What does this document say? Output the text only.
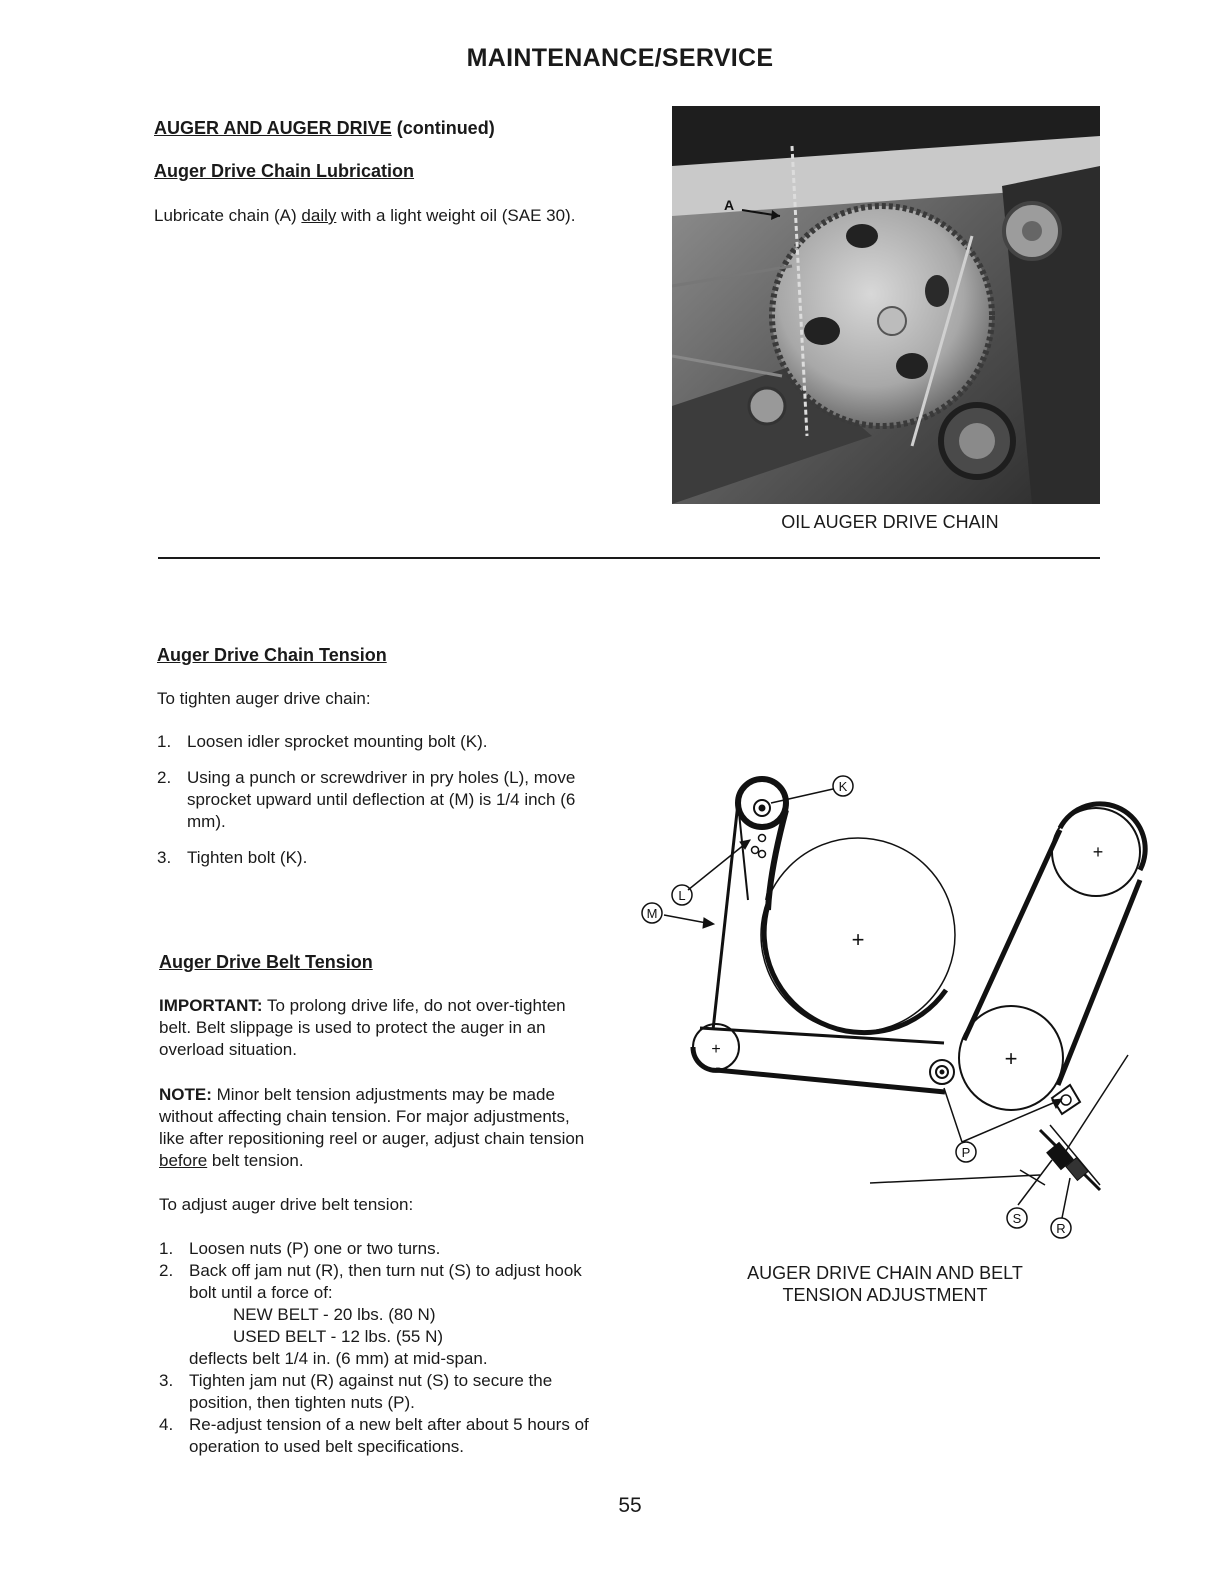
MAINTENANCE/SERVICE
AUGER AND AUGER DRIVE (continued)
Auger Drive Chain Lubrication
Lubricate chain (A) daily with a light weight oil (SAE 30).
A
OIL AUGER DRIVE CHAIN
Auger Drive Chain Tension
To tighten auger drive chain:
1. Loosen idler sprocket mounting bolt (K).
2. Using a punch or screwdriver in pry holes (L), move sprocket upward until deflection at (M) is 1/4 inch (6 mm).
3. Tighten bolt (K).
Auger Drive Belt Tension
IMPORTANT: To prolong drive life, do not over-tighten belt. Belt slippage is used to protect the auger in an overload situation.
NOTE: Minor belt tension adjustments may be made without affecting chain tension. For major adjustments, like after repositioning reel or auger, adjust chain tension before belt tension.
To adjust auger drive belt tension:
1. Loosen nuts (P) one or two turns.
2. Back off jam nut (R), then turn nut (S) to adjust hook bolt until a force of:
NEW BELT - 20 lbs. (80 N)
USED BELT - 12 lbs. (55 N)
deflects belt 1/4 in. (6 mm) at mid-span.
3. Tighten jam nut (R) against nut (S) to secure the position, then tighten nuts (P).
4. Re-adjust tension of a new belt after about 5 hours of operation to used belt specifications.
+
+
+	+
K
L
M
P
S
R
AUGER DRIVE CHAIN AND BELT
TENSION ADJUSTMENT
55
